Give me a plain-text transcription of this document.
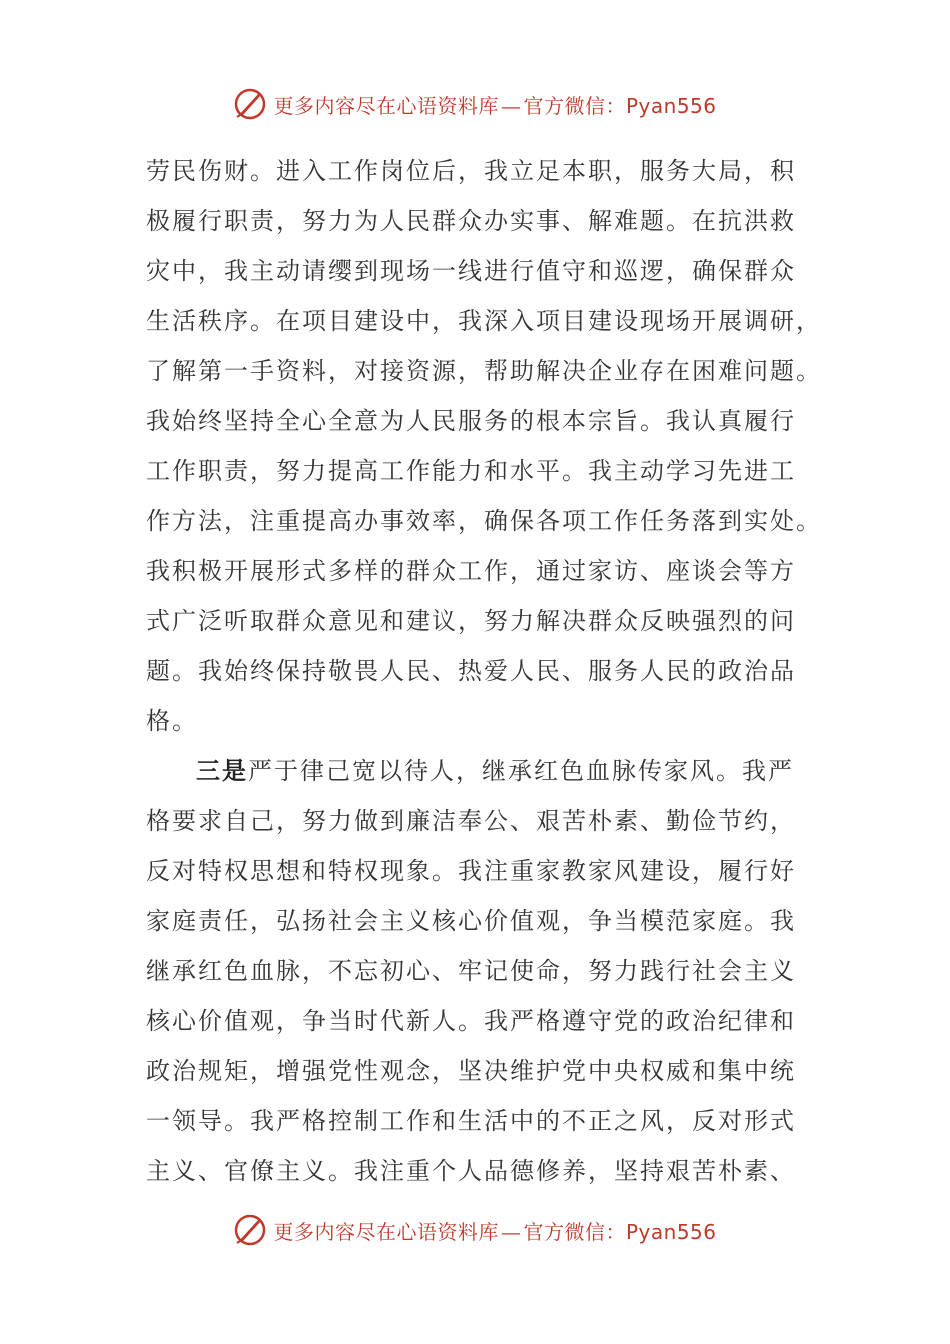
更多内容尽在心语资料库 — 官方微信：Pyan556
劳民伤财。进入工作岗位后，我立足本职，服务大局，积
极履行职责，努力为人民群众办实事、解难题。在抗洪救
灾中，我主动请缨到现场一线进行值守和巡逻，确保群众
生活秩序。在项目建设中，我深入项目建设现场开展调研，
了解第一手资料，对接资源，帮助解决企业存在困难问题。
我始终坚持全心全意为人民服务的根本宗旨。我认真履行
工作职责，努力提高工作能力和水平。我主动学习先进工
作方法，注重提高办事效率，确保各项工作任务落到实处。
我积极开展形式多样的群众工作，通过家访、座谈会等方
式广泛听取群众意见和建议，努力解决群众反映强烈的问
题。我始终保持敬畏人民、热爱人民、服务人民的政治品
格。
三是严于律己宽以待人，继承红色血脉传家风。我严
格要求自己，努力做到廉洁奉公、艰苦朴素、勤俭节约，
反对特权思想和特权现象。我注重家教家风建设，履行好
家庭责任，弘扬社会主义核心价值观，争当模范家庭。我
继承红色血脉，不忘初心、牢记使命，努力践行社会主义
核心价值观，争当时代新人。我严格遵守党的政治纪律和
政治规矩，增强党性观念，坚决维护党中央权威和集中统
一领导。我严格控制工作和生活中的不正之风，反对形式
主义、官僚主义。我注重个人品德修养，坚持艰苦朴素、
更多内容尽在心语资料库 — 官方微信：Pyan556
